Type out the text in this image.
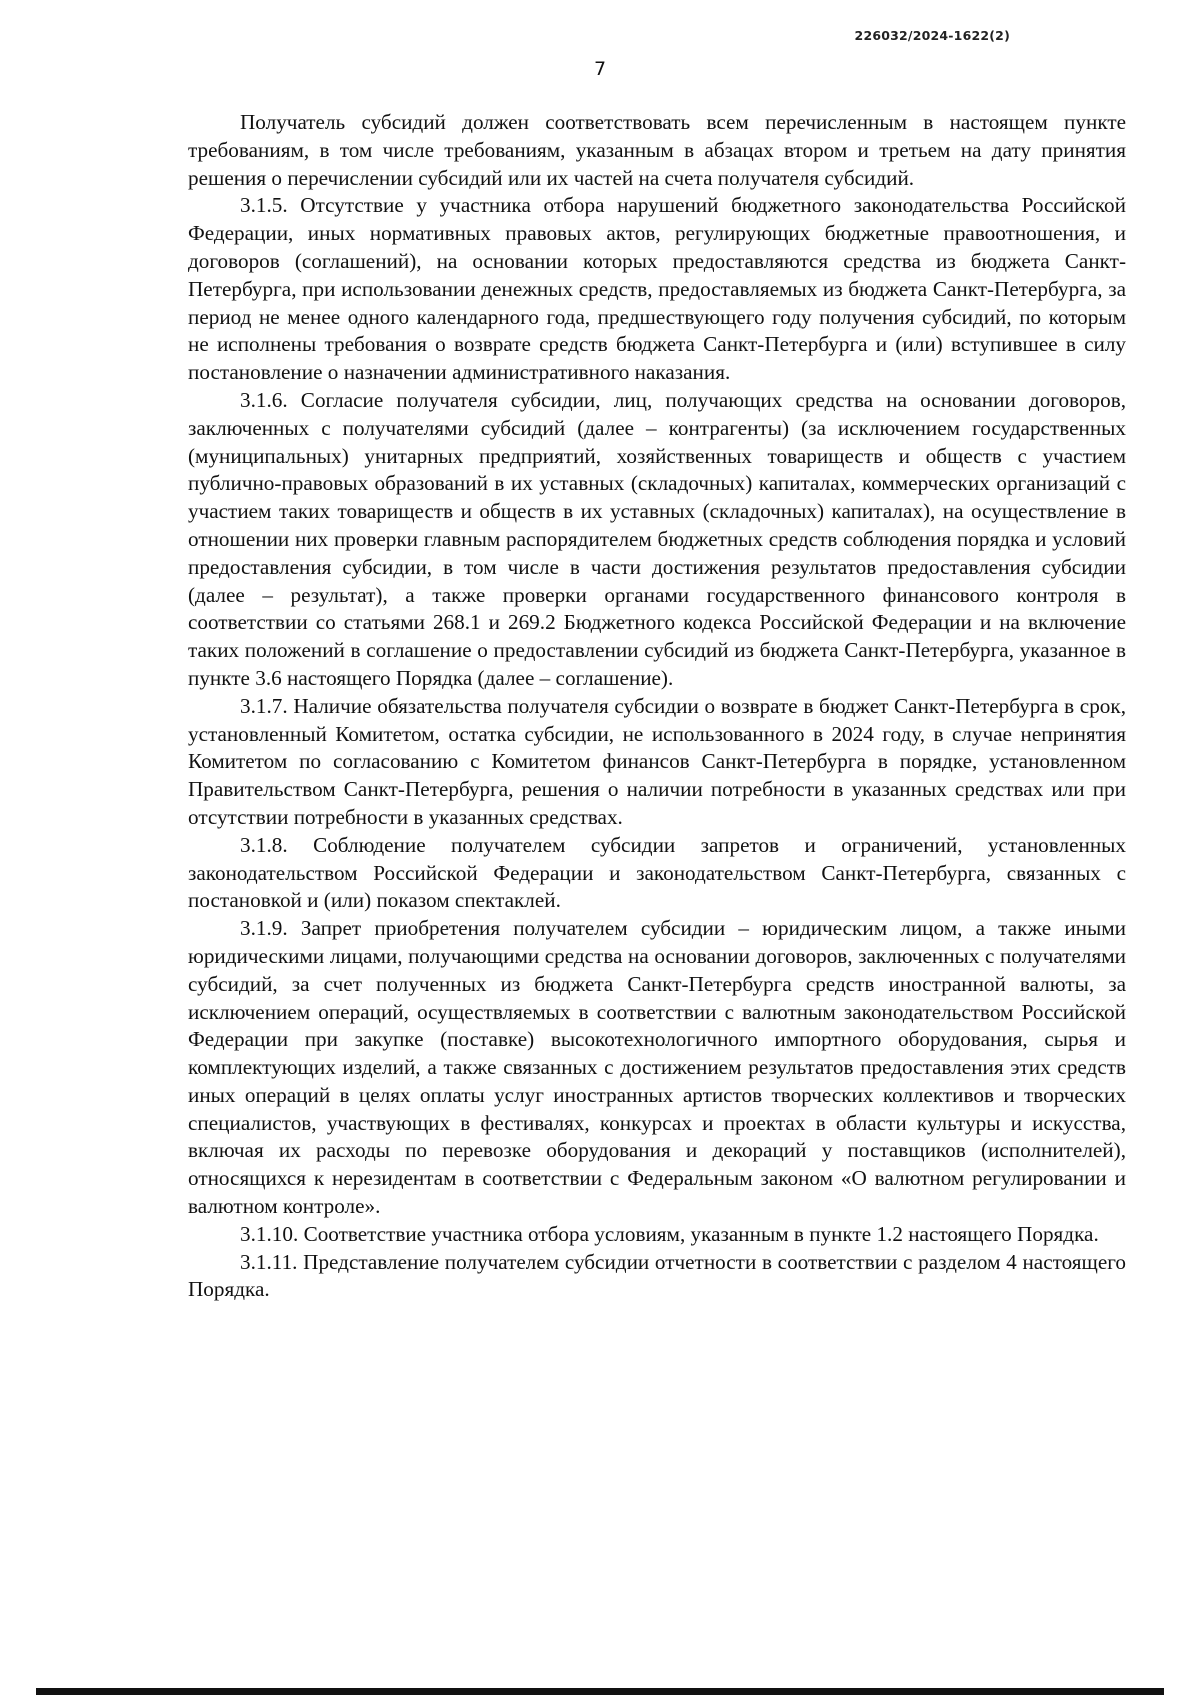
226032/2024-1622(2)
7

Получатель субсидий должен соответствовать всем перечисленным в настоящем пункте требованиям, в том числе требованиям, указанным в абзацах втором и третьем на дату принятия решения о перечислении субсидий или их частей на счета получателя субсидий.

3.1.5. Отсутствие у участника отбора нарушений бюджетного законодательства Российской Федерации, иных нормативных правовых актов, регулирующих бюджетные правоотношения, и договоров (соглашений), на основании которых предоставляются средства из бюджета Санкт-Петербурга, при использовании денежных средств, предоставляемых из бюджета Санкт-Петербурга, за период не менее одного календарного года, предшествующего году получения субсидий, по которым не исполнены требования о возврате средств бюджета Санкт-Петербурга и (или) вступившее в силу постановление о назначении административного наказания.

3.1.6. Согласие получателя субсидии, лиц, получающих средства на основании договоров, заключенных с получателями субсидий (далее – контрагенты) (за исключением государственных (муниципальных) унитарных предприятий, хозяйственных товариществ и обществ с участием публично-правовых образований в их уставных (складочных) капиталах, коммерческих организаций с участием таких товариществ и обществ в их уставных (складочных) капиталах), на осуществление в отношении них проверки главным распорядителем бюджетных средств соблюдения порядка и условий предоставления субсидии, в том числе в части достижения результатов предоставления субсидии (далее – результат), а также проверки органами государственного финансового контроля в соответствии со статьями 268.1 и 269.2 Бюджетного кодекса Российской Федерации и на включение таких положений в соглашение о предоставлении субсидий из бюджета Санкт-Петербурга, указанное в пункте 3.6 настоящего Порядка (далее – соглашение).

3.1.7. Наличие обязательства получателя субсидии о возврате в бюджет Санкт-Петербурга в срок, установленный Комитетом, остатка субсидии, не использованного в 2024 году, в случае непринятия Комитетом по согласованию с Комитетом финансов Санкт-Петербурга в порядке, установленном Правительством Санкт-Петербурга, решения о наличии потребности в указанных средствах или при отсутствии потребности в указанных средствах.

3.1.8. Соблюдение получателем субсидии запретов и ограничений, установленных законодательством Российской Федерации и законодательством Санкт-Петербурга, связанных с постановкой и (или) показом спектаклей.

3.1.9. Запрет приобретения получателем субсидии – юридическим лицом, а также иными юридическими лицами, получающими средства на основании договоров, заключенных с получателями субсидий, за счет полученных из бюджета Санкт-Петербурга средств иностранной валюты, за исключением операций, осуществляемых в соответствии с валютным законодательством Российской Федерации при закупке (поставке) высокотехнологичного импортного оборудования, сырья и комплектующих изделий, а также связанных с достижением результатов предоставления этих средств иных операций в целях оплаты услуг иностранных артистов творческих коллективов и творческих специалистов, участвующих в фестивалях, конкурсах и проектах в области культуры и искусства, включая их расходы по перевозке оборудования и декораций у поставщиков (исполнителей), относящихся к нерезидентам в соответствии с Федеральным законом «О валютном регулировании и валютном контроле».

3.1.10. Соответствие участника отбора условиям, указанным в пункте 1.2 настоящего Порядка.

3.1.11. Представление получателем субсидии отчетности в соответствии с разделом 4 настоящего Порядка.
